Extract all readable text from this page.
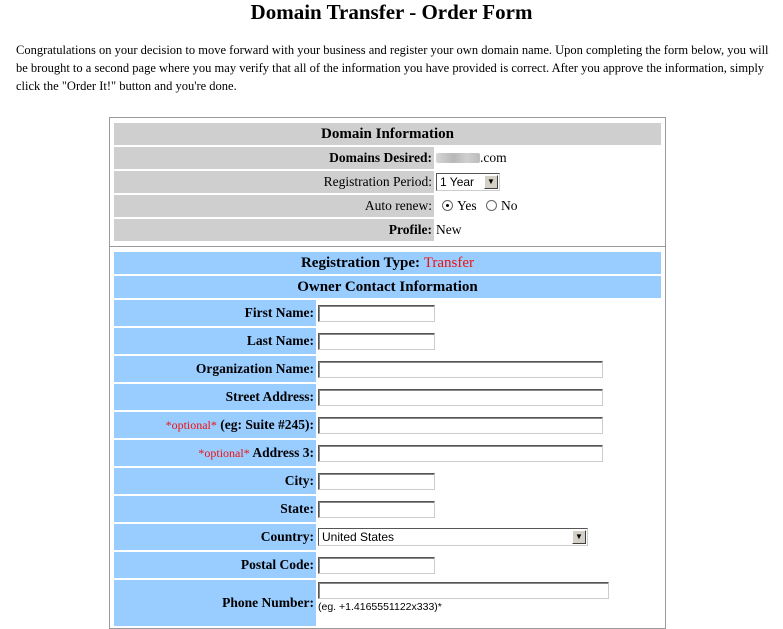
Domain Transfer - Order Form
Congratulations on your decision to move forward with your business and register your own domain name. Upon completing the form below, you will be brought to a second page where you may verify that all of the information you have provided is correct. After you approve the information, simply click the "Order It!" button and you're done.
Domain Information	
Domains Desired:	.com
Registration Period:	1 Year ▼

Auto renew:	Yes No
Profile:	New
Registration Type: Transfer	
Owner Contact Information	
First Name:	
Last Name:	
Organization Name:	
Street Address:	
*optional* (eg: Suite #245):	
*optional* Address 3:	
City:	
State:	
Country:	United States ▼

Postal Code:	
Phone Number:	(eg. +1.4165551122x333)*
